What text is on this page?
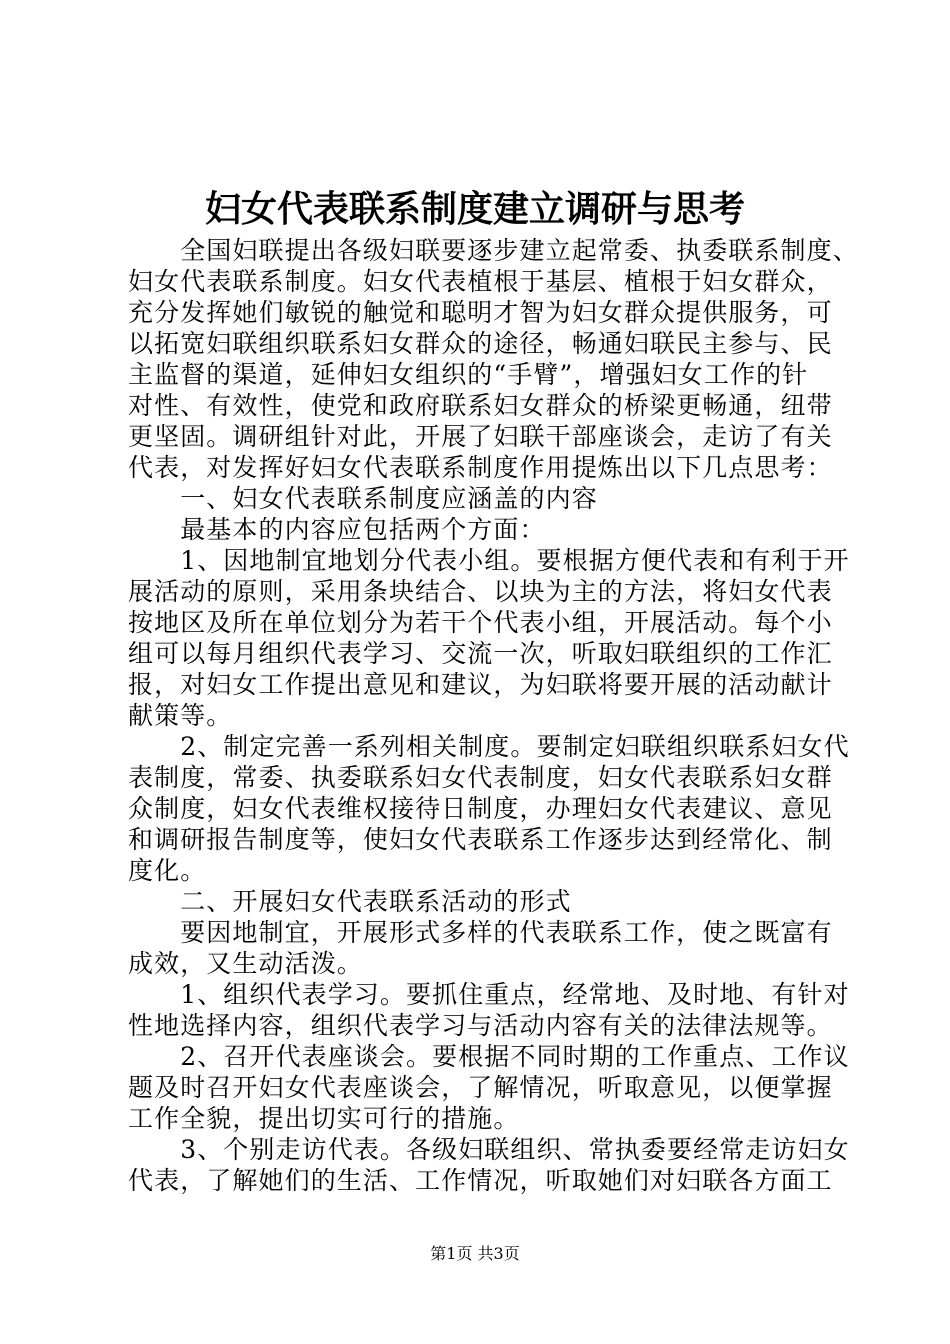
妇女代表联系制度建立调研与思考
　　全国妇联提出各级妇联要逐步建立起常委、执委联系制度、
妇女代表联系制度。妇女代表植根于基层、植根于妇女群众，
充分发挥她们敏锐的触觉和聪明才智为妇女群众提供服务，可
以拓宽妇联组织联系妇女群众的途径，畅通妇联民主参与、民
主监督的渠道，延伸妇女组织的“手臂”，增强妇女工作的针
对性、有效性，使党和政府联系妇女群众的桥梁更畅通，纽带
更坚固。调研组针对此，开展了妇联干部座谈会，走访了有关
代表，对发挥好妇女代表联系制度作用提炼出以下几点思考：
　　一、妇女代表联系制度应涵盖的内容
　　最基本的内容应包括两个方面：
　　1、因地制宜地划分代表小组。要根据方便代表和有利于开
展活动的原则，采用条块结合、以块为主的方法，将妇女代表
按地区及所在单位划分为若干个代表小组，开展活动。每个小
组可以每月组织代表学习、交流一次，听取妇联组织的工作汇
报，对妇女工作提出意见和建议，为妇联将要开展的活动献计
献策等。
　　2、制定完善一系列相关制度。要制定妇联组织联系妇女代
表制度，常委、执委联系妇女代表制度，妇女代表联系妇女群
众制度，妇女代表维权接待日制度，办理妇女代表建议、意见
和调研报告制度等，使妇女代表联系工作逐步达到经常化、制
度化。
　　二、开展妇女代表联系活动的形式
　　要因地制宜，开展形式多样的代表联系工作，使之既富有
成效，又生动活泼。
　　1、组织代表学习。要抓住重点，经常地、及时地、有针对
性地选择内容，组织代表学习与活动内容有关的法律法规等。
　　2、召开代表座谈会。要根据不同时期的工作重点、工作议
题及时召开妇女代表座谈会，了解情况，听取意见，以便掌握
工作全貌，提出切实可行的措施。
　　3、个别走访代表。各级妇联组织、常执委要经常走访妇女
代表，了解她们的生活、工作情况，听取她们对妇联各方面工
第1页 共3页
